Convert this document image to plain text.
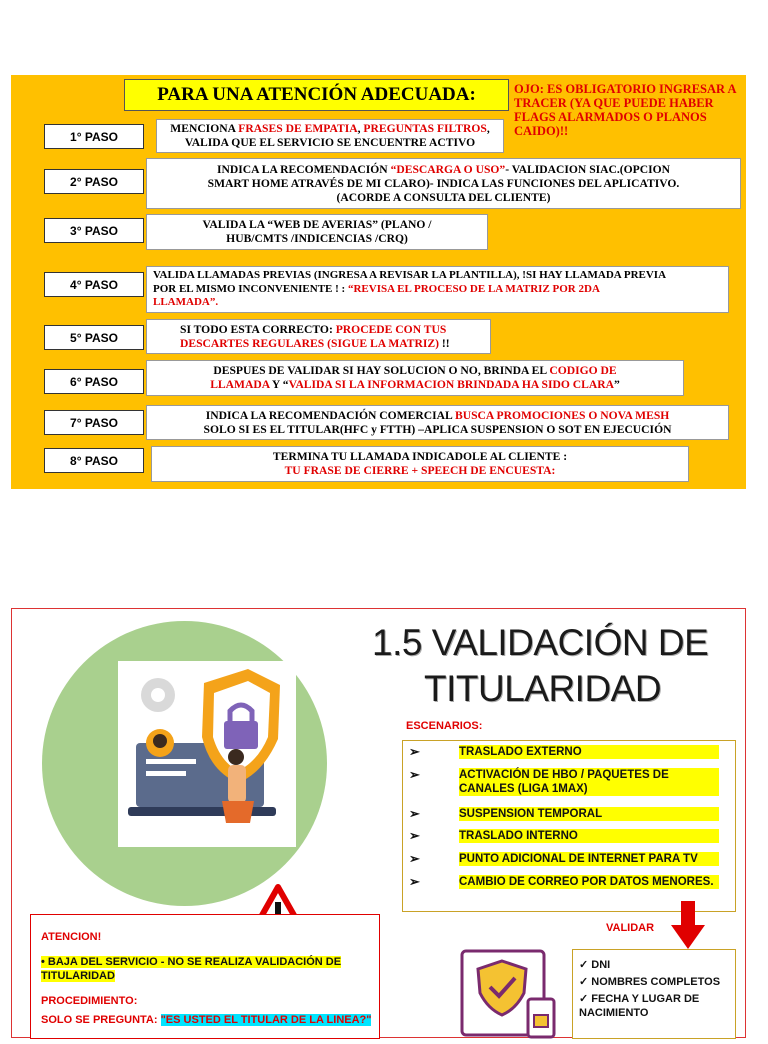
PARA UNA ATENCIÓN ADECUADA:	OJO: ES OBLIGATORIO INGRESAR A TRACER (YA QUE PUEDE HABER FLAGS ALARMADOS O PLANOS CAIDO)!!
1° PASO
MENCIONA FRASES DE EMPATIA, PREGUNTAS FILTROS,
VALIDA QUE EL SERVICIO SE ENCUENTRE ACTIVO
2° PASO
INDICA LA RECOMENDACIÓN “DESCARGA O USO”- VALIDACION SIAC.(OPCION
SMART HOME ATRAVÉS DE MI CLARO)- INDICA LAS FUNCIONES DEL APLICATIVO.
(ACORDE A CONSULTA DEL CLIENTE)
3° PASO	VALIDA LA “WEB DE AVERIAS” (PLANO /
HUB/CMTS /INDICENCIAS /CRQ)
4° PASO
VALIDA LLAMADAS PREVIAS (INGRESA A REVISAR LA PLANTILLA), !SI HAY LLAMADA PREVIA
POR EL MISMO INCONVENIENTE ! : “REVISA EL PROCESO DE LA MATRIZ POR 2DA
LLAMADA”.
5° PASO
SI TODO ESTA CORRECTO: PROCEDE CON TUS
DESCARTES REGULARES (SIGUE LA MATRIZ) !!
6° PASO
DESPUES DE VALIDAR SI HAY SOLUCION O NO, BRINDA EL CODIGO DE
LLAMADA Y “VALIDA SI LA INFORMACION BRINDADA HA SIDO CLARA”
7° PASO
INDICA LA RECOMENDACIÓN COMERCIAL BUSCA PROMOCIONES O NOVA MESH
SOLO SI ES EL TITULAR(HFC y FTTH) –APLICA SUSPENSION O SOT EN EJECUCIÓN
8° PASO	TERMINA TU LLAMADA INDICADOLE AL CLIENTE :
TU FRASE DE CIERRE + SPEECH DE ENCUESTA:
1.5 VALIDACIÓN DE
TITULARIDAD
ESCENARIOS:
➢	TRASLADO EXTERNO
➢	ACTIVACIÓN DE HBO / PAQUETES DE CANALES (LIGA 1MAX)
➢	SUSPENSION TEMPORAL
➢	TRASLADO INTERNO
➢	PUNTO ADICIONAL DE INTERNET PARA TV
➢	CAMBIO DE CORREO POR DATOS MENORES.
ATENCION!
• BAJA DEL SERVICIO - NO SE REALIZA VALIDACIÓN DE TITULARIDAD
PROCEDIMIENTO:
SOLO SE PREGUNTA: "ES USTED EL TITULAR DE LA LINEA?"
VALIDAR
✓ DNI
✓ NOMBRES COMPLETOS
✓ FECHA Y LUGAR DE NACIMIENTO
